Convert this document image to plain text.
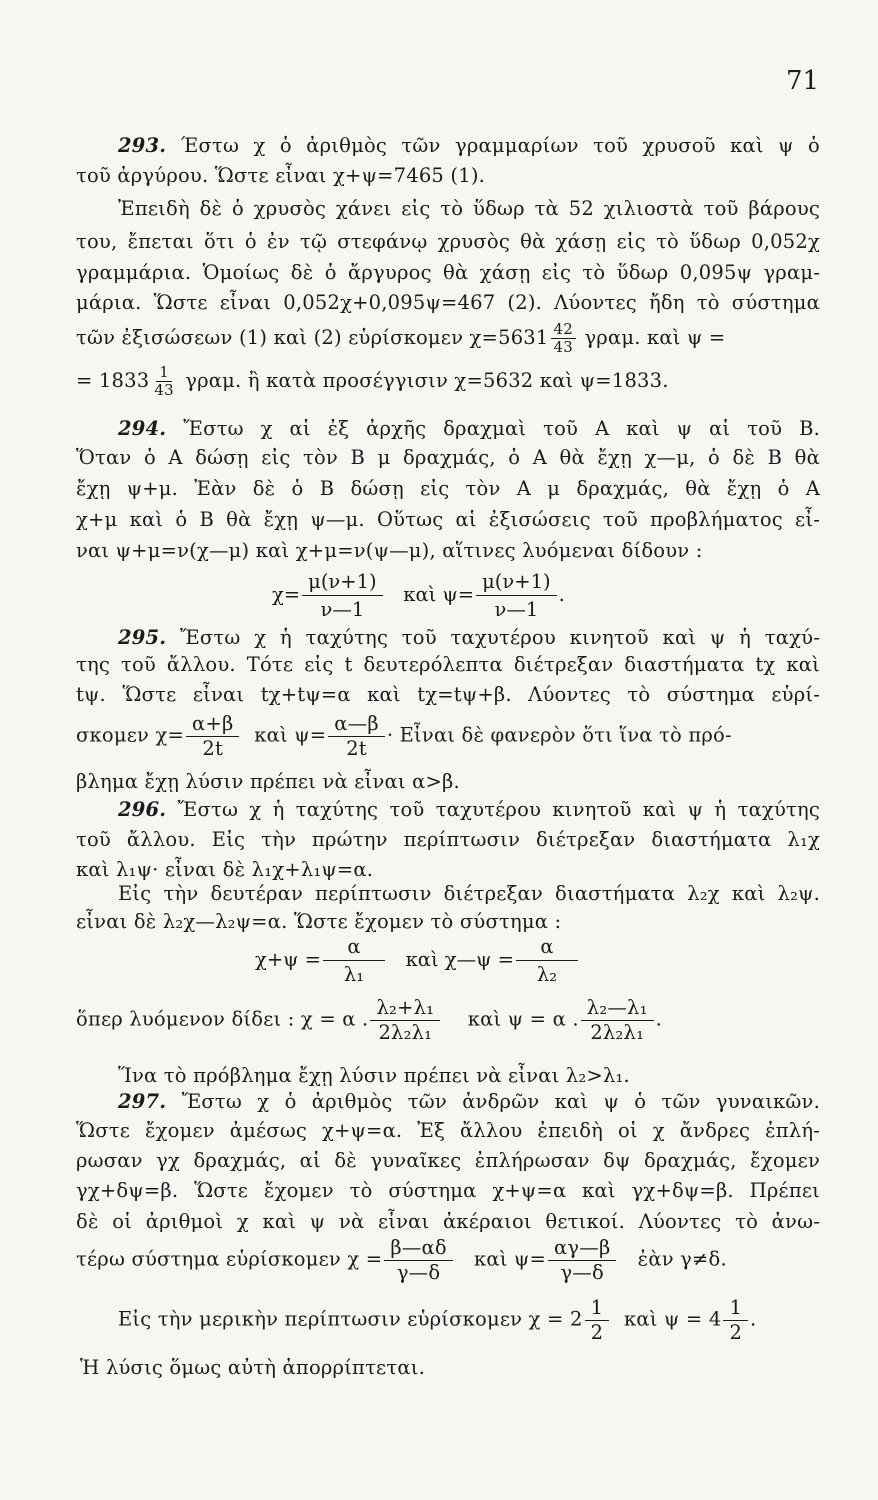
71
293. Έστω χ ὁ ἀριθμὸς τῶν γραμμαρίων τοῦ χρυσοῦ καὶ ψ ὁ
τοῦ ἀργύρου. Ὥστε εἶναι χ+ψ=7465 (1).
Ἐπειδὴ δὲ ὁ χρυσὸς χάνει εἰς τὸ ὕδωρ τὰ 52 χιλιοστὰ τοῦ βάρους
του, ἔπεται ὅτι ὁ ἐν τῷ στεφάνῳ χρυσὸς θὰ χάσῃ εἰς τὸ ὕδωρ 0,052χ
γραμμάρια. Ὁμοίως δὲ ὁ ἄργυρος θὰ χάσῃ εἰς τὸ ὕδωρ 0,095ψ γραμ-
μάρια. Ὥστε εἶναι 0,052χ+0,095ψ=467 (2). Λύοντες ἤδη τὸ σύστημα
τῶν ἐξισώσεων (1) καὶ (2) εὑρίσκομεν $\chi=5631 \frac{42}{43} \gamma\rho\alpha\mu$. καὶ ψ =
= $1833 \frac{1}{43} \gamma\rho\alpha\mu$. ἢ κατὰ προσέγγισιν χ=5632 καὶ ψ=1833.
294. Ἔστω χ αἱ ἐξ ἀρχῆς δραχμαὶ τοῦ Α καὶ ψ αἱ τοῦ Β.
Ὅταν ὁ Α δώσῃ εἰς τὸν Β μ δραχμάς, ὁ Α θὰ ἔχῃ χ—μ, ὁ δὲ Β θὰ
ἔχῃ ψ+μ. Ἐὰν δὲ ὁ Β δώσῃ εἰς τὸν Α μ δραχμάς, θὰ ἔχῃ ὁ Α
χ+μ καὶ ὁ Β θὰ ἔχῃ ψ—μ. Οὕτως αἱ ἐξισώσεις τοῦ προβλήματος εἶ-
ναι ψ+μ=ν(χ—μ) καὶ χ+μ=ν(ψ—μ), αἵτινες λυόμεναι δίδουν :
$\chi= \frac{\mu(\nu+1)}{\nu—1}$ καὶ $\psi= \frac{\mu(\nu+1)}{\nu—1}$ .
295. Ἔστω χ ἡ ταχύτης τοῦ ταχυτέρου κινητοῦ καὶ ψ ἡ ταχύ-
της τοῦ ἄλλου. Τότε εἰς t δευτερόλεπτα διέτρεξαν διαστήματα tχ καὶ
tψ. Ὥστε εἶναι tχ+tψ=α καὶ tχ=tψ+β. Λύοντες τὸ σύστημα εὑρί-
σκομεν $\chi= \frac{\alpha+\beta}{2t}$ καὶ $\psi= \frac{\alpha—\beta}{2t}$ · Εἶναι δὲ φανερὸν ὅτι ἵνα τὸ πρό-
βλημα ἔχῃ λύσιν πρέπει νὰ εἶναι α>β.
296. Ἔστω χ ἡ ταχύτης τοῦ ταχυτέρου κινητοῦ καὶ ψ ἡ ταχύτης
τοῦ ἄλλου. Εἰς τὴν πρώτην περίπτωσιν διέτρεξαν διαστήματα λ₁χ
καὶ λ₁ψ· εἶναι δὲ λ₁χ+λ₁ψ=α.
Εἰς τὴν δευτέραν περίπτωσιν διέτρεξαν διαστήματα λ₂χ καὶ λ₂ψ.
εἶναι δὲ λ₂χ—λ₂ψ=α. Ὥστε ἔχομεν τὸ σύστημα :
$\chi+\psi = \frac{\alpha}{\text{λ₁}}$ καὶ χ—ψ = $\frac{\alpha}{\text{λ₂}}$
ὅπερ λυόμενον δίδει : χ = α . $\frac{\text{λ₂+λ₁}}{\text{2λ₂λ₁}}$ καὶ ψ = α . $\frac{\text{λ₂—λ₁}}{\text{2λ₂λ₁}}$ .
Ἵνα τὸ πρόβλημα ἔχῃ λύσιν πρέπει νὰ εἶναι λ₂>λ₁.
297. Ἔστω χ ὁ ἀριθμὸς τῶν ἀνδρῶν καὶ ψ ὁ τῶν γυναικῶν.
Ὥστε ἔχομεν ἀμέσως χ+ψ=α. Ἐξ ἄλλου ἐπειδὴ οἱ χ ἄνδρες ἐπλή-
ρωσαν γχ δραχμάς, αἱ δὲ γυναῖκες ἐπλήρωσαν δψ δραχμάς, ἔχομεν
γχ+δψ=β. Ὥστε ἔχομεν τὸ σύστημα χ+ψ=α καὶ γχ+δψ=β. Πρέπει
δὲ οἱ ἀριθμοὶ χ καὶ ψ νὰ εἶναι ἀκέραιοι θετικοί. Λύοντες τὸ ἀνω-
τέρω σύστημα εὑρίσκομεν $\chi = \frac{\beta—\alpha\delta}{\gamma—\delta}$ καὶ $\psi= \frac{\alpha\gamma—\beta}{\gamma—\delta}$ ἐὰν γ≠δ.
Εἰς τὴν μερικὴν περίπτωσιν εὑρίσκομεν $\chi = 2 \frac{1}{2}$ καὶ $\psi = 4 \frac{1}{2}$ .
Ἡ λύσις ὅμως αὐτὴ ἀπορρίπτεται.
